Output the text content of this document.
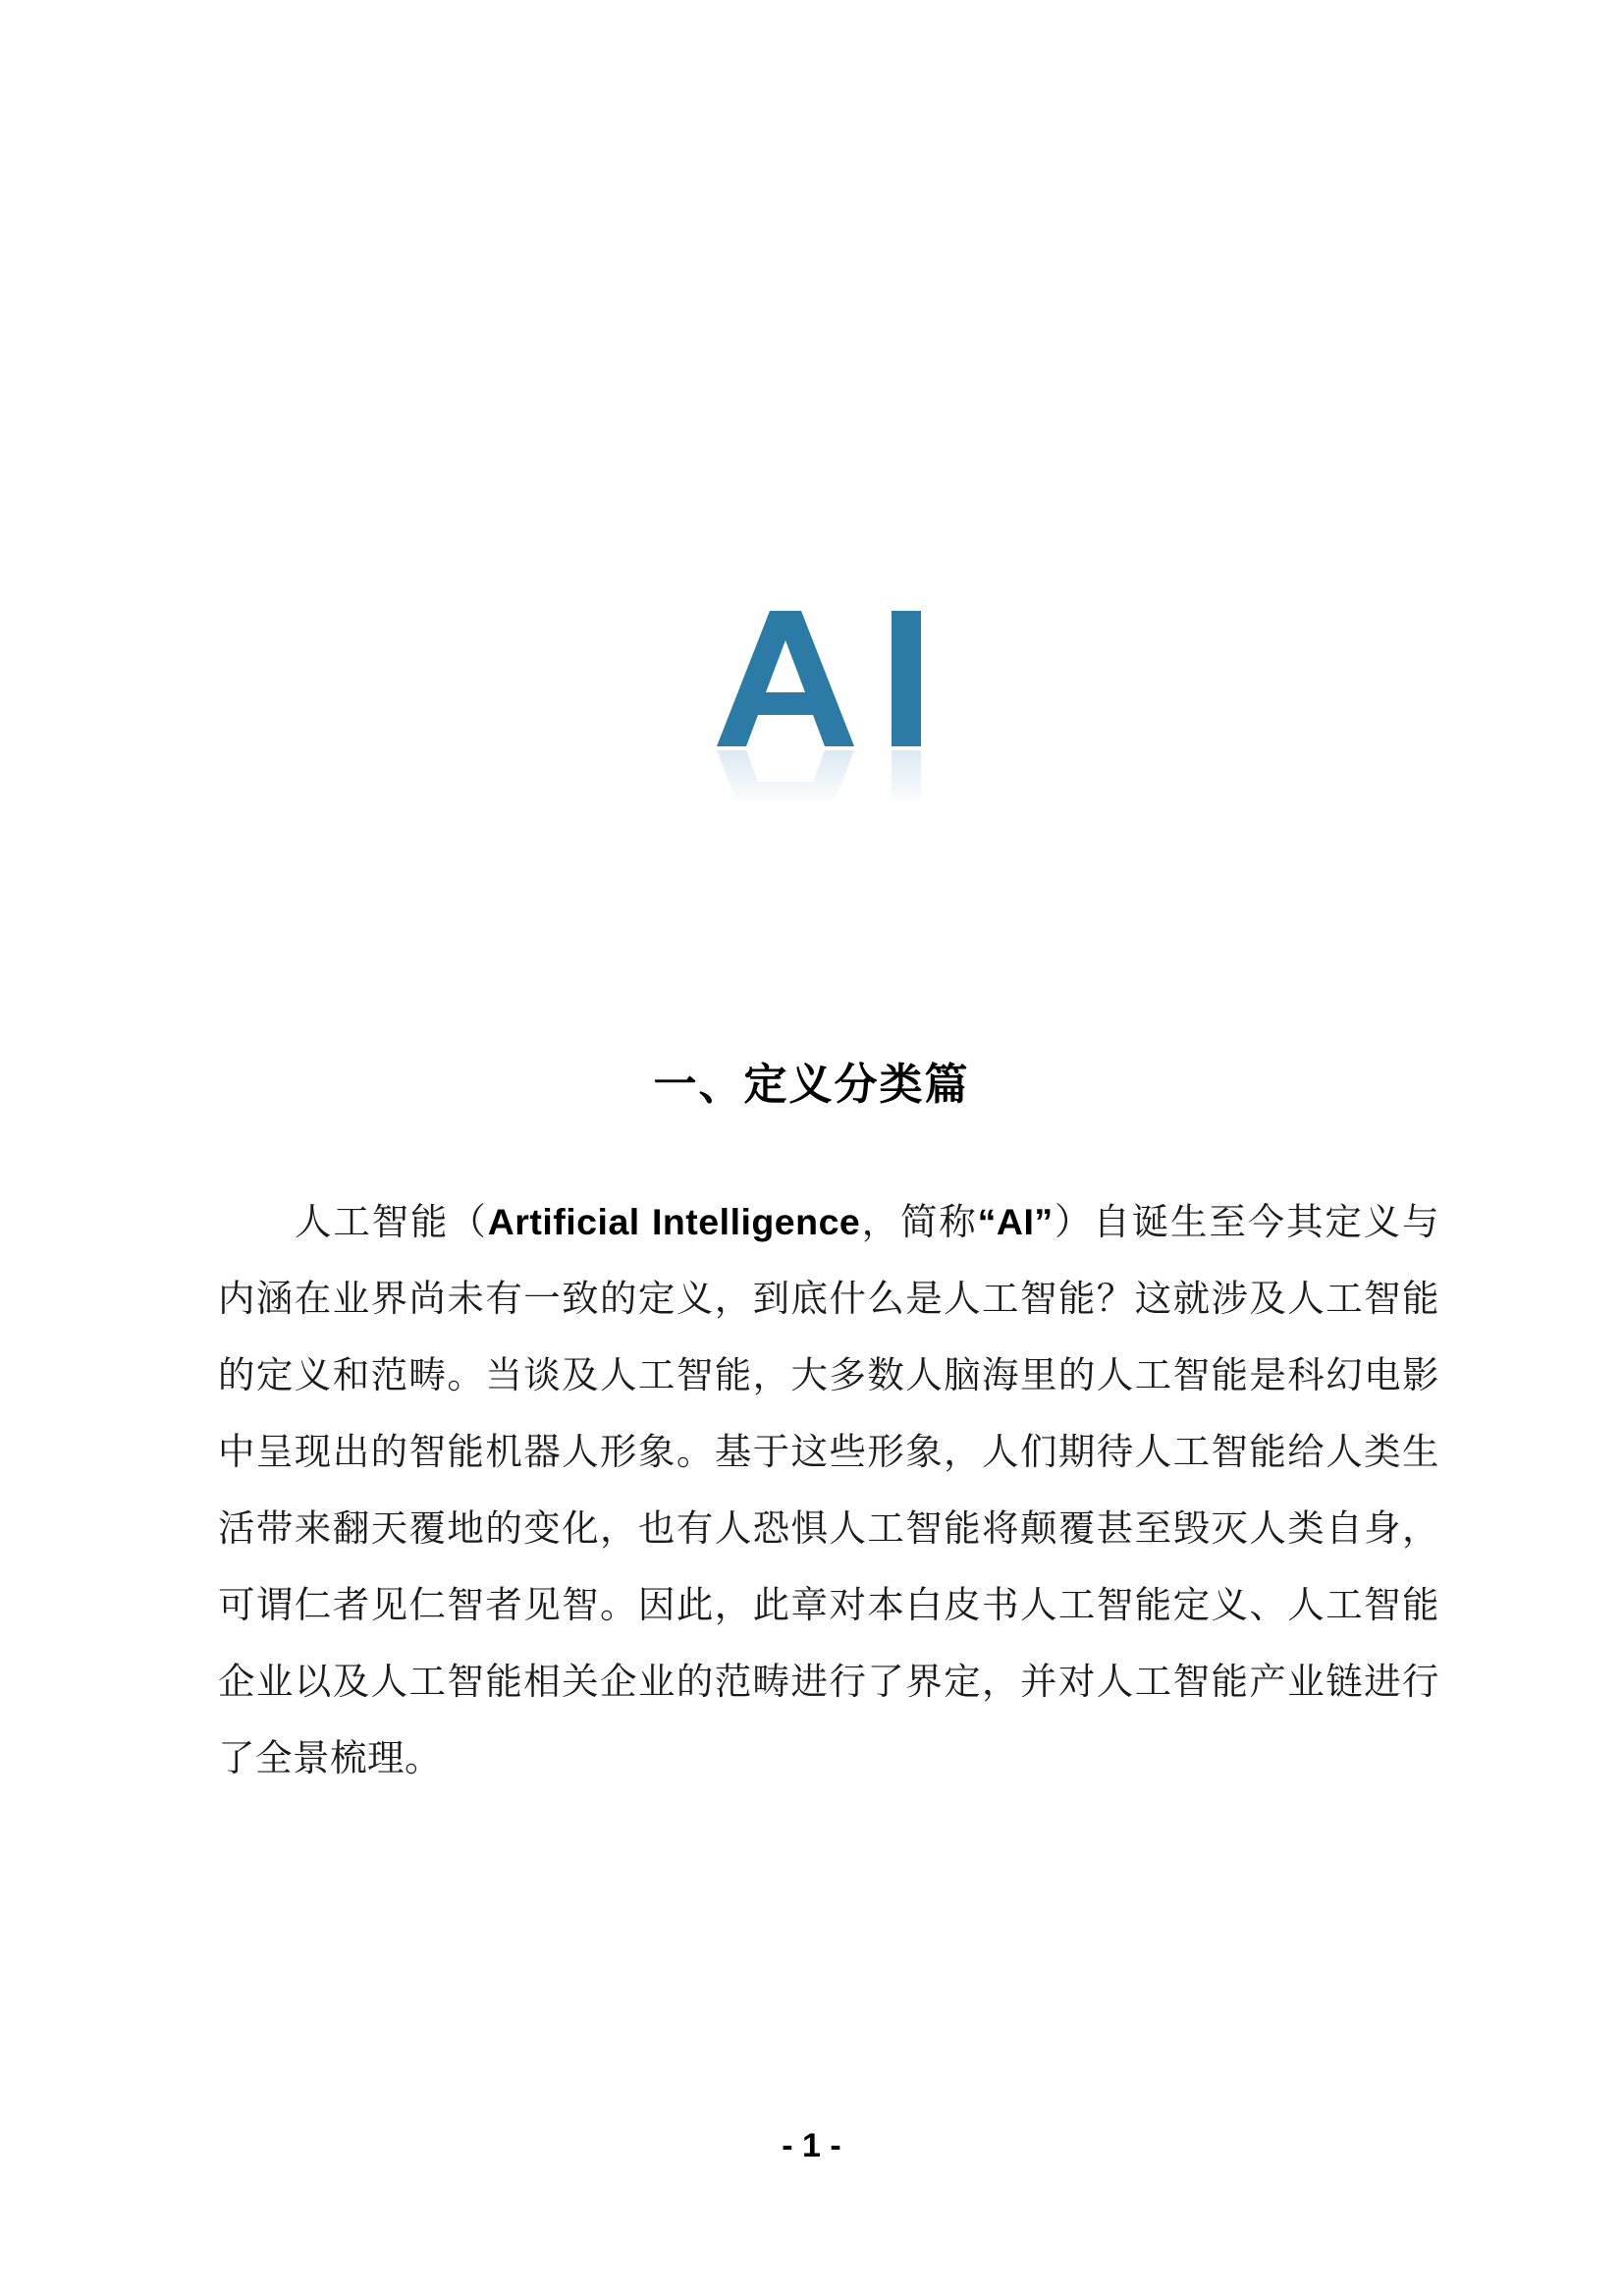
一、定义分类篇

人工智能（Artificial Intelligence，简称“AI”）自诞生至今其定义与内涵在业界尚未有一致的定义，到底什么是人工智能？这就涉及人工智能的定义和范畴。当谈及人工智能，大多数人脑海里的人工智能是科幻电影中呈现出的智能机器人形象。基于这些形象，人们期待人工智能给人类生活带来翻天覆地的变化，也有人恐惧人工智能将颠覆甚至毁灭人类自身，可谓仁者见仁智者见智。因此，此章对本白皮书人工智能定义、人工智能企业以及人工智能相关企业的范畴进行了界定，并对人工智能产业链进行了全景梳理。

- 1 -
